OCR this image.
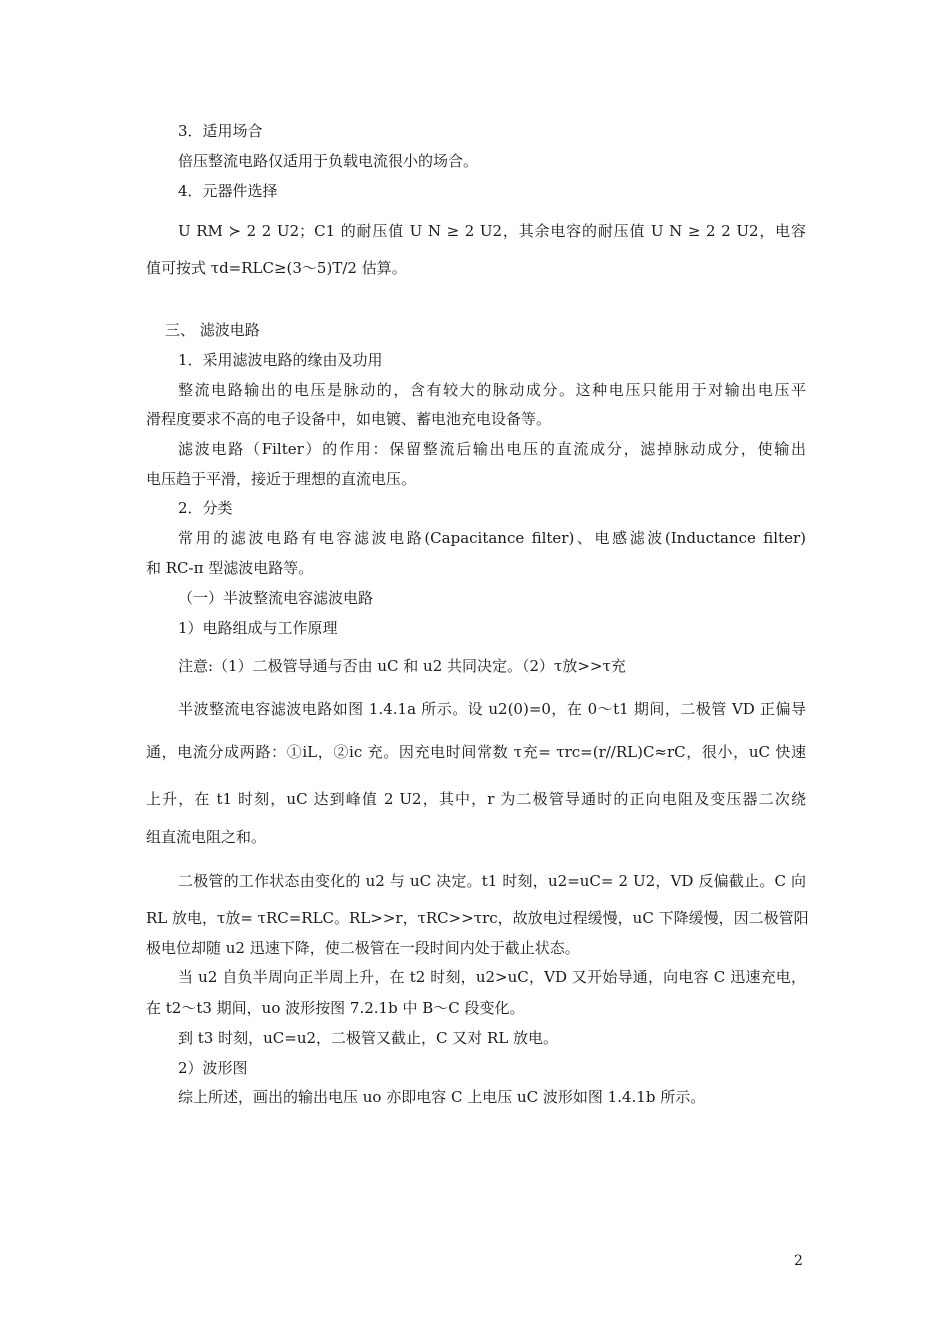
3．适用场合
倍压整流电路仅适用于负载电流很小的场合。
4．元器件选择
U RM ≻ 2 2 U2；C1 的耐压值 U N ≥ 2 U2，其余电容的耐压值 U N ≥ 2 2 U2，电容
值可按式 τd=RLC≥(3～5)T/2 估算。
三、 滤波电路
1．采用滤波电路的缘由及功用
整流电路输出的电压是脉动的，含有较大的脉动成分。这种电压只能用于对输出电压平
滑程度要求不高的电子设备中，如电镀、蓄电池充电设备等。
滤波电路（Filter）的作用：保留整流后输出电压的直流成分，滤掉脉动成分，使输出
电压趋于平滑，接近于理想的直流电压。
2．分类
常用的滤波电路有电容滤波电路(Capacitance filter)、电感滤波(Inductance filter)
和 RC-π 型滤波电路等。
（一）半波整流电容滤波电路
1）电路组成与工作原理
注意:（1）二极管导通与否由 uC 和 u2 共同决定。（2）τ放>>τ充
半波整流电容滤波电路如图 1.4.1a 所示。设 u2(0)=0，在 0～t1 期间，二极管 VD 正偏导
通，电流分成两路：①iL，②ic 充。因充电时间常数 τ充= τrc=(r//RL)C≈rC，很小，uC 快速
上升，在 t1 时刻，uC 达到峰值 2 U2，其中，r 为二极管导通时的正向电阻及变压器二次绕
组直流电阻之和。
二极管的工作状态由变化的 u2 与 uC 决定。t1 时刻，u2=uC= 2 U2，VD 反偏截止。C 向
RL 放电，τ放= τRC=RLC。RL>>r，τRC>>τrc，故放电过程缓慢，uC 下降缓慢，因二极管阳
极电位却随 u2 迅速下降，使二极管在一段时间内处于截止状态。
当 u2 自负半周向正半周上升，在 t2 时刻，u2>uC，VD 又开始导通，向电容 C 迅速充电，
在 t2～t3 期间，uo 波形按图 7.2.1b 中 B～C 段变化。
到 t3 时刻，uC=u2，二极管又截止，C 又对 RL 放电。
2）波形图
综上所述，画出的输出电压 uo 亦即电容 C 上电压 uC 波形如图 1.4.1b 所示。
2
